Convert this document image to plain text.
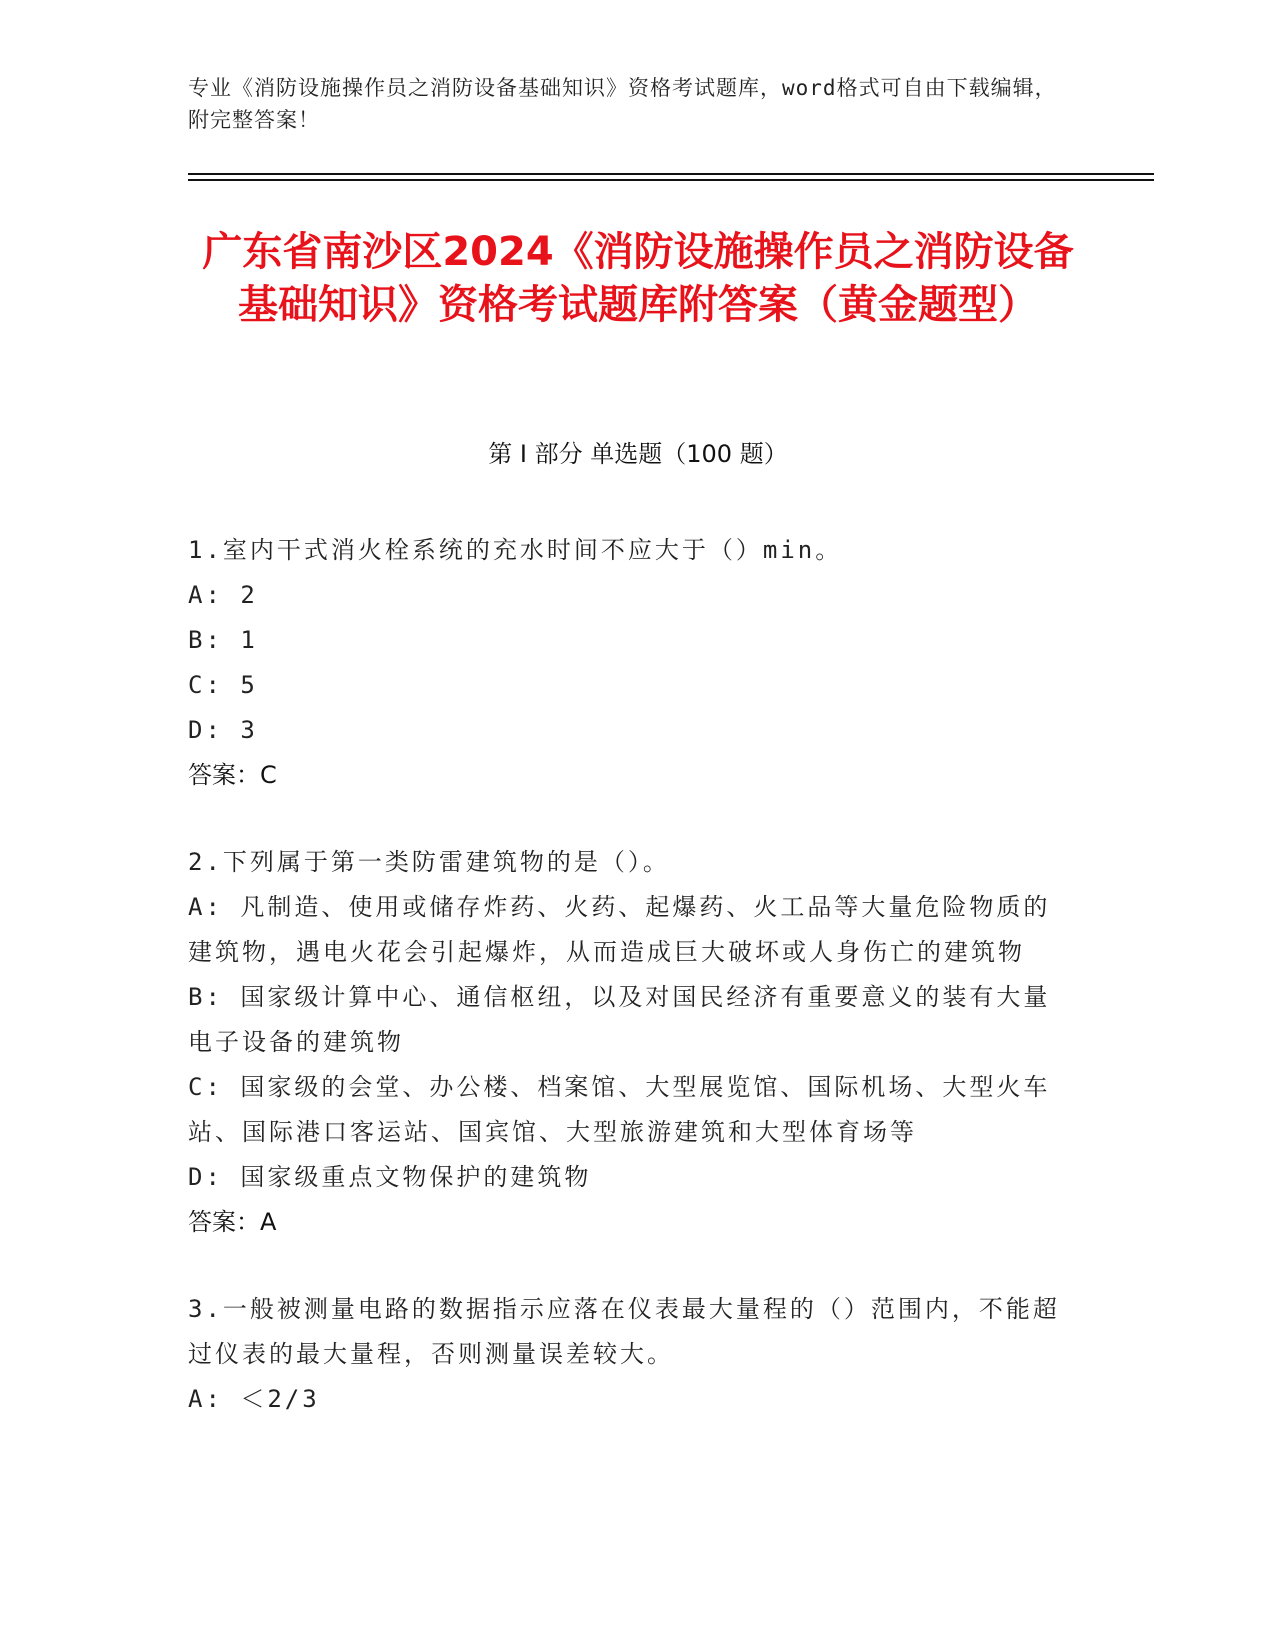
专业《消防设施操作员之消防设备基础知识》资格考试题库，word格式可自由下载编辑，附完整答案！
广东省南沙区2024《消防设施操作员之消防设备基础知识》资格考试题库附答案（黄金题型）
第 I 部分 单选题（100 题）
1.室内干式消火栓系统的充水时间不应大于（）min。
A: 2
B: 1
C: 5
D: 3
答案：C
2.下列属于第一类防雷建筑物的是（）。
A: 凡制造、使用或储存炸药、火药、起爆药、火工品等大量危险物质的建筑物，遇电火花会引起爆炸，从而造成巨大破坏或人身伤亡的建筑物
B: 国家级计算中心、通信枢纽，以及对国民经济有重要意义的装有大量电子设备的建筑物
C: 国家级的会堂、办公楼、档案馆、大型展览馆、国际机场、大型火车站、国际港口客运站、国宾馆、大型旅游建筑和大型体育场等
D: 国家级重点文物保护的建筑物
答案：A
3.一般被测量电路的数据指示应落在仪表最大量程的（）范围内，不能超过仪表的最大量程，否则测量误差较大。
A: ＜2/3
